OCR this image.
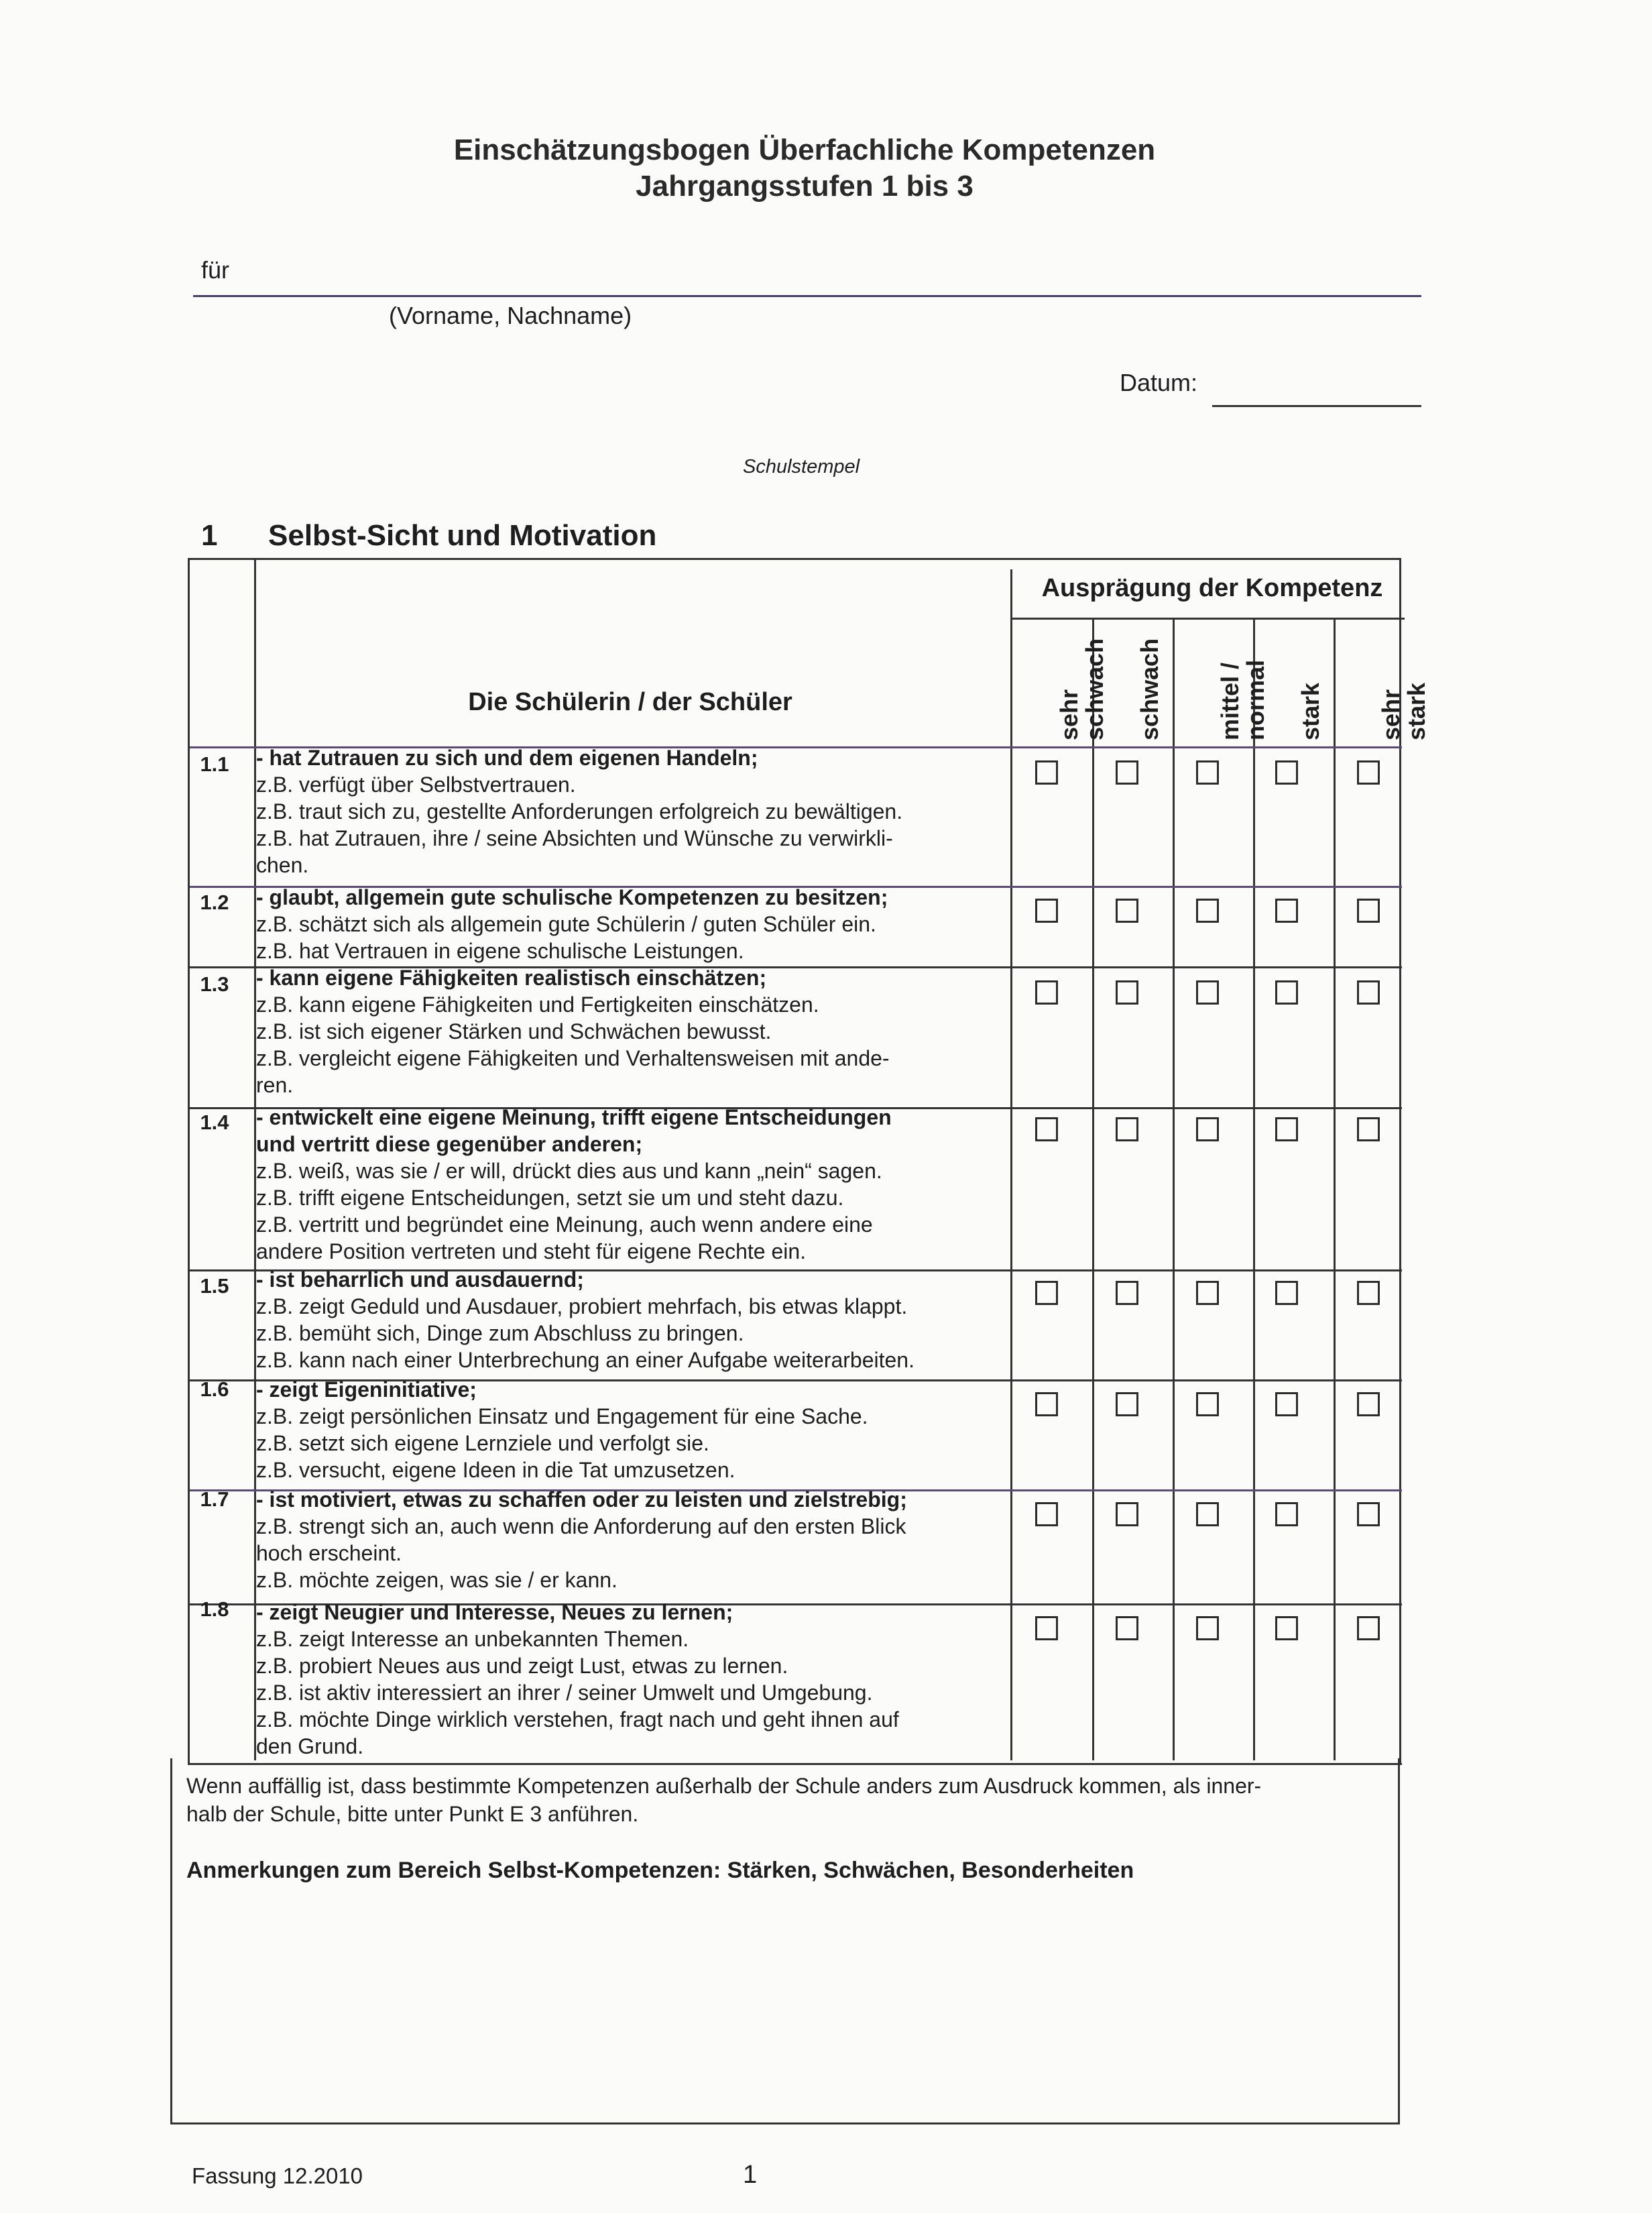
Einschätzungsbogen Überfachliche Kompetenzen
Jahrgangsstufen 1 bis 3
für
(Vorname, Nachname)
Datum:
Schulstempel
1 Selbst-Sicht und Motivation
Ausprägung der Kompetenz
Die Schülerin / der Schüler	sehr
schwach schwach mittel /
normal stark sehr
stark
1.1 - hat Zutrauen zu sich und dem eigenen Handeln;
z.B. verfügt über Selbstvertrauen.
z.B. traut sich zu, gestellte Anforderungen erfolgreich zu bewältigen.
z.B. hat Zutrauen, ihre / seine Absichten und Wünsche zu verwirkli-
chen.
1.2 - glaubt, allgemein gute schulische Kompetenzen zu besitzen;
z.B. schätzt sich als allgemein gute Schülerin / guten Schüler ein.
z.B. hat Vertrauen in eigene schulische Leistungen.
1.3 - kann eigene Fähigkeiten realistisch einschätzen;
z.B. kann eigene Fähigkeiten und Fertigkeiten einschätzen.
z.B. ist sich eigener Stärken und Schwächen bewusst.
z.B. vergleicht eigene Fähigkeiten und Verhaltensweisen mit ande-
ren.
1.4 - entwickelt eine eigene Meinung, trifft eigene Entscheidungen
und vertritt diese gegenüber anderen;
z.B. weiß, was sie / er will, drückt dies aus und kann „nein“ sagen.
z.B. trifft eigene Entscheidungen, setzt sie um und steht dazu.
z.B. vertritt und begründet eine Meinung, auch wenn andere eine
andere Position vertreten und steht für eigene Rechte ein.
1.5 - ist beharrlich und ausdauernd;
z.B. zeigt Geduld und Ausdauer, probiert mehrfach, bis etwas klappt.
z.B. bemüht sich, Dinge zum Abschluss zu bringen.
z.B. kann nach einer Unterbrechung an einer Aufgabe weiterarbeiten.
1.6 - zeigt Eigeninitiative;
z.B. zeigt persönlichen Einsatz und Engagement für eine Sache.
z.B. setzt sich eigene Lernziele und verfolgt sie.
z.B. versucht, eigene Ideen in die Tat umzusetzen.
1.7 - ist motiviert, etwas zu schaffen oder zu leisten und zielstrebig;
z.B. strengt sich an, auch wenn die Anforderung auf den ersten Blick
hoch erscheint.
z.B. möchte zeigen, was sie / er kann.
1.8 - zeigt Neugier und Interesse, Neues zu lernen;
z.B. zeigt Interesse an unbekannten Themen.
z.B. probiert Neues aus und zeigt Lust, etwas zu lernen.
z.B. ist aktiv interessiert an ihrer / seiner Umwelt und Umgebung.
z.B. möchte Dinge wirklich verstehen, fragt nach und geht ihnen auf
den Grund.
Wenn auffällig ist, dass bestimmte Kompetenzen außerhalb der Schule anders zum Ausdruck kommen, als inner-
halb der Schule, bitte unter Punkt E 3 anführen.
Anmerkungen zum Bereich Selbst-Kompetenzen: Stärken, Schwächen, Besonderheiten
Fassung 12.2010	1
